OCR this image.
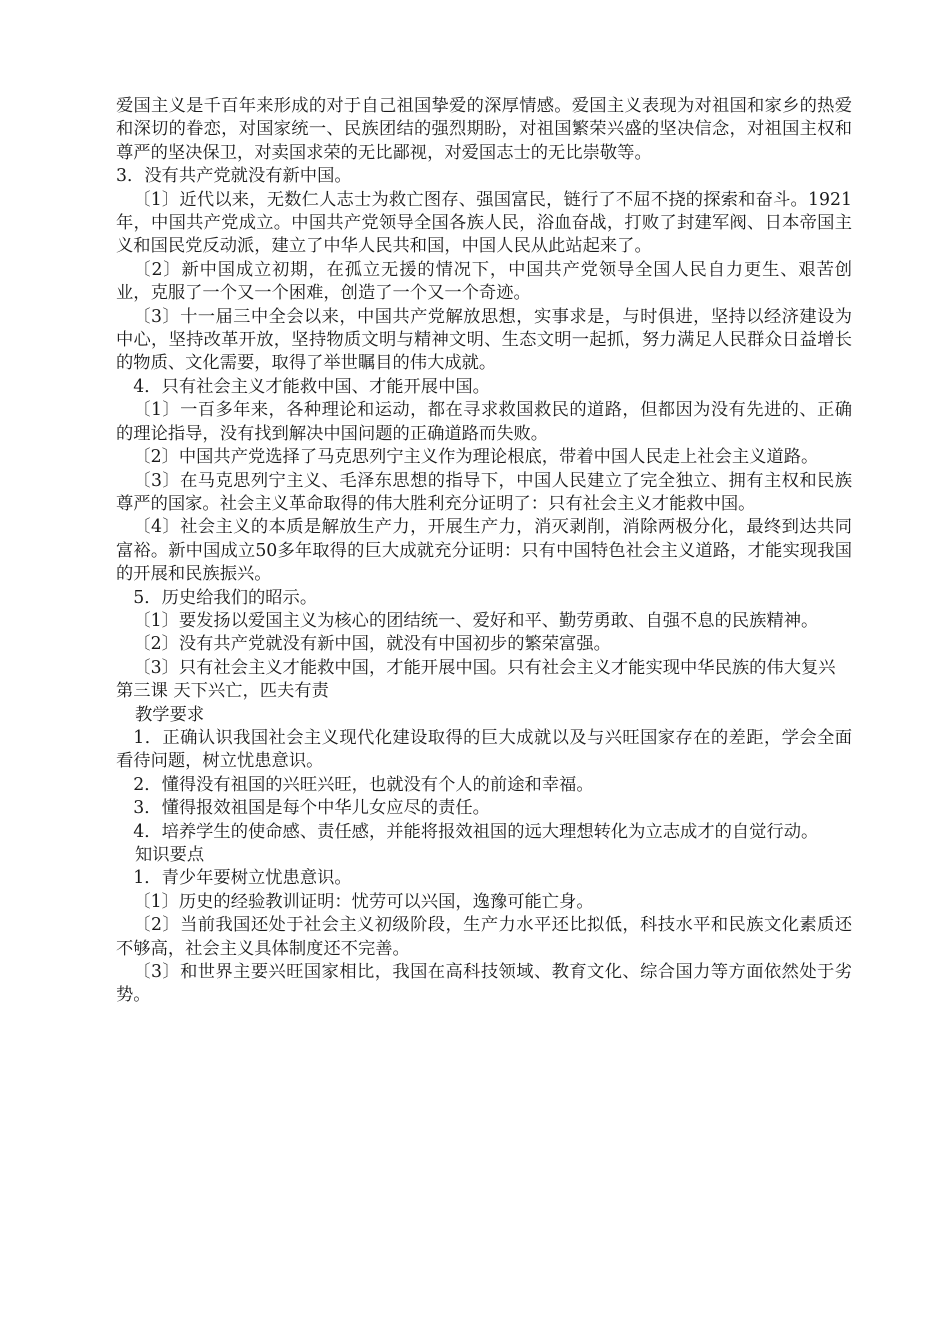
爱国主义是千百年来形成的对于自己祖国挚爱的深厚情感。爱国主义表现为对祖国和家乡的热爱和深切的眷恋，对国家统一、民族团结的强烈期盼，对祖国繁荣兴盛的坚决信念，对祖国主权和尊严的坚决保卫，对卖国求荣的无比鄙视，对爱国志士的无比崇敬等。

3．没有共产党就没有新中国。

〔1〕近代以来，无数仁人志士为救亡图存、强国富民，链行了不屈不挠的探索和奋斗。1921年，中国共产党成立。中国共产党领导全国各族人民，浴血奋战，打败了封建军阀、日本帝国主义和国民党反动派，建立了中华人民共和国，中国人民从此站起来了。

〔2〕新中国成立初期，在孤立无援的情况下，中国共产党领导全国人民自力更生、艰苦创业，克服了一个又一个困难，创造了一个又一个奇迹。

〔3〕十一届三中全会以来，中国共产党解放思想，实事求是，与时俱进，坚持以经济建设为中心，坚持改革开放，坚持物质文明与精神文明、生态文明一起抓，努力满足人民群众日益增长的物质、文化需要，取得了举世瞩目的伟大成就。

4．只有社会主义才能救中国、才能开展中国。

〔1〕一百多年来，各种理论和运动，都在寻求救国救民的道路，但都因为没有先进的、正确的理论指导，没有找到解决中国问题的正确道路而失败。

〔2〕中国共产党选择了马克思列宁主义作为理论根底，带着中国人民走上社会主义道路。

〔3〕在马克思列宁主义、毛泽东思想的指导下，中国人民建立了完全独立、拥有主权和民族尊严的国家。社会主义革命取得的伟大胜利充分证明了：只有社会主义才能救中国。

〔4〕社会主义的本质是解放生产力，开展生产力，消灭剥削，消除两极分化，最终到达共同富裕。新中国成立50多年取得的巨大成就充分证明：只有中国特色社会主义道路，才能实现我国的开展和民族振兴。

5．历史给我们的昭示。

〔1〕要发扬以爱国主义为核心的团结统一、爱好和平、勤劳勇敢、自强不息的民族精神。

〔2〕没有共产党就没有新中国，就没有中国初步的繁荣富强。

〔3〕只有社会主义才能救中国，才能开展中国。只有社会主义才能实现中华民族的伟大复兴

第三课 天下兴亡，匹夫有责

教学要求

1．正确认识我国社会主义现代化建设取得的巨大成就以及与兴旺国家存在的差距，学会全面看待问题，树立忧患意识。

2．懂得没有祖国的兴旺兴旺，也就没有个人的前途和幸福。

3．懂得报效祖国是每个中华儿女应尽的责任。

4．培养学生的使命感、责任感，并能将报效祖国的远大理想转化为立志成才的自觉行动。

知识要点

1．青少年要树立忧患意识。

〔1〕历史的经验教训证明：忧劳可以兴国，逸豫可能亡身。

〔2〕当前我国还处于社会主义初级阶段，生产力水平还比拟低，科技水平和民族文化素质还不够高，社会主义具体制度还不完善。

〔3〕和世界主要兴旺国家相比，我国在高科技领域、教育文化、综合国力等方面依然处于劣势。
